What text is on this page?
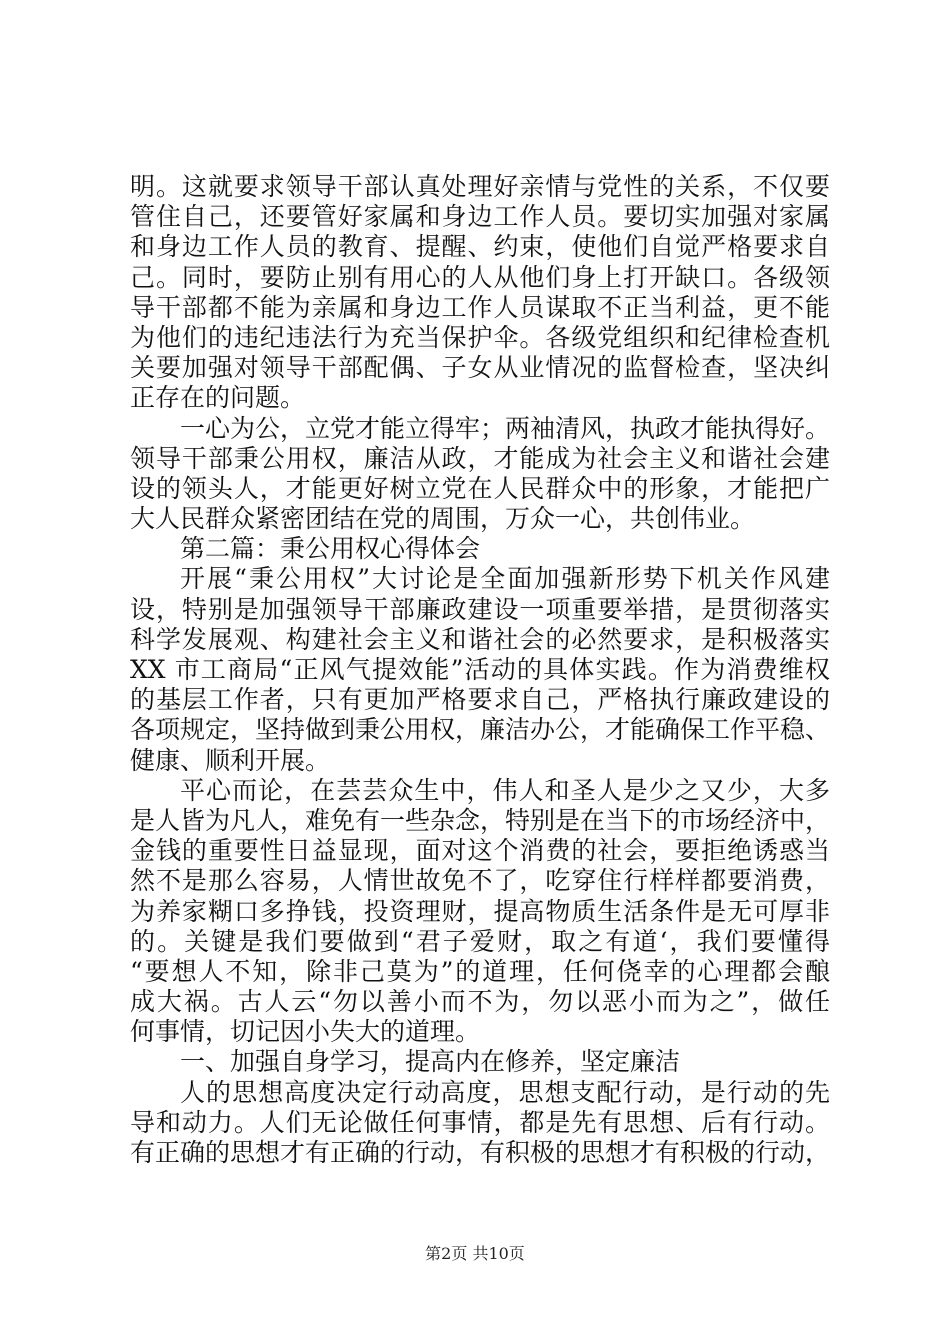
明。这就要求领导干部认真处理好亲情与党性的关系，不仅要
管住自己，还要管好家属和身边工作人员。要切实加强对家属
和身边工作人员的教育、提醒、约束，使他们自觉严格要求自
己。同时，要防止别有用心的人从他们身上打开缺口。各级领
导干部都不能为亲属和身边工作人员谋取不正当利益，更不能
为他们的违纪违法行为充当保护伞。各级党组织和纪律检查机
关要加强对领导干部配偶、子女从业情况的监督检查，坚决纠
正存在的问题。
一心为公，立党才能立得牢；两袖清风，执政才能执得好。
领导干部秉公用权，廉洁从政，才能成为社会主义和谐社会建
设的领头人，才能更好树立党在人民群众中的形象，才能把广
大人民群众紧密团结在党的周围，万众一心，共创伟业。
第二篇：秉公用权心得体会
开展“秉公用权”大讨论是全面加强新形势下机关作风建
设，特别是加强领导干部廉政建设一项重要举措，是贯彻落实
科学发展观、构建社会主义和谐社会的必然要求，是积极落实
XX 市工商局“正风气提效能”活动的具体实践。作为消费维权
的基层工作者，只有更加严格要求自己，严格执行廉政建设的
各项规定，坚持做到秉公用权，廉洁办公，才能确保工作平稳、
健康、顺利开展。
平心而论，在芸芸众生中，伟人和圣人是少之又少，大多
是人皆为凡人，难免有一些杂念，特别是在当下的市场经济中，
金钱的重要性日益显现，面对这个消费的社会，要拒绝诱惑当
然不是那么容易，人情世故免不了，吃穿住行样样都要消费，
为养家糊口多挣钱，投资理财，提高物质生活条件是无可厚非
的。关键是我们要做到“君子爱财，取之有道‘，我们要懂得
“要想人不知，除非己莫为”的道理，任何侥幸的心理都会酿
成大祸。古人云“勿以善小而不为，勿以恶小而为之”，做任
何事情，切记因小失大的道理。
一、加强自身学习，提高内在修养，坚定廉洁
人的思想高度决定行动高度，思想支配行动，是行动的先
导和动力。人们无论做任何事情，都是先有思想、后有行动。
有正确的思想才有正确的行动，有积极的思想才有积极的行动，
第2页 共10页
